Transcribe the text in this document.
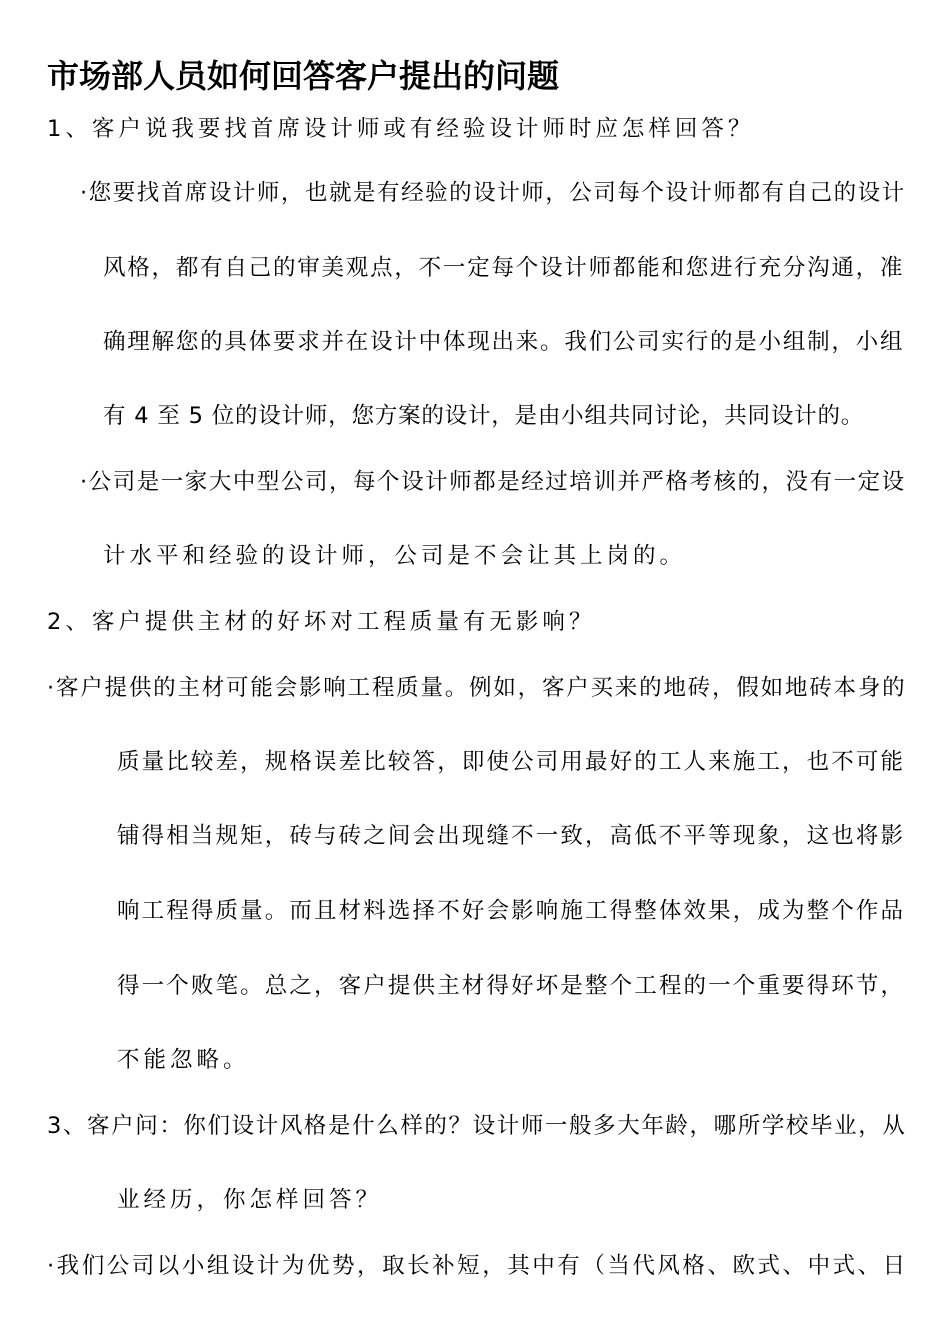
市场部人员如何回答客户提出的问题
1、客户说我要找首席设计师或有经验设计师时应怎样回答？
·您要找首席设计师，也就是有经验的设计师，公司每个设计师都有自己的设计
风格，都有自己的审美观点，不一定每个设计师都能和您进行充分沟通，准
确理解您的具体要求并在设计中体现出来。我们公司实行的是小组制，小组
有 4 至 5 位的设计师，您方案的设计，是由小组共同讨论，共同设计的。
·公司是一家大中型公司，每个设计师都是经过培训并严格考核的，没有一定设
计水平和经验的设计师，公司是不会让其上岗的。
2、客户提供主材的好坏对工程质量有无影响？
·客户提供的主材可能会影响工程质量。例如，客户买来的地砖，假如地砖本身的
质量比较差，规格误差比较答，即使公司用最好的工人来施工，也不可能
铺得相当规矩，砖与砖之间会出现缝不一致，高低不平等现象，这也将影
响工程得质量。而且材料选择不好会影响施工得整体效果，成为整个作品
得一个败笔。总之，客户提供主材得好坏是整个工程的一个重要得环节，
不能忽略。
3、客户问：你们设计风格是什么样的？设计师一般多大年龄，哪所学校毕业，从
业经历，你怎样回答？
·我们公司以小组设计为优势，取长补短，其中有（当代风格、欧式、中式、日
